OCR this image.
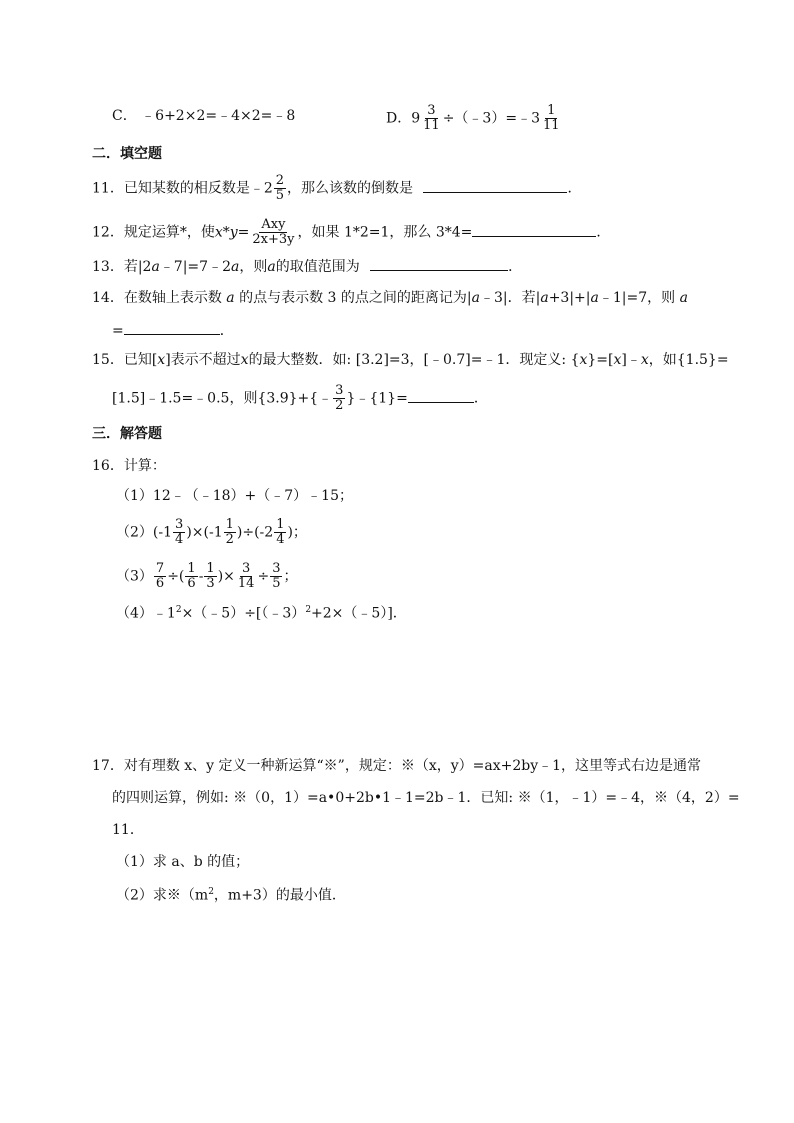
C． ﹣6+2×2=﹣4×2=﹣8	D．$9 \frac{3}{11}$ ÷（﹣3）=﹣3 $\frac{1}{11}$
二．填空题
11．已知某数的相反数是﹣2 $\frac{2}{5}$ ，那么该数的倒数是	．
12．规定运算*，使$x*y= \frac{\text{Axy}}{2x+3y}$ ，如果 1*2=1，那么 3*4=	．
13．若|2a﹣7|=7﹣2a，则a的取值范围为	．
14．在数轴上表示数 a 的点与表示数 3 的点之间的距离记为|a﹣3|．若|a+3|+|a﹣1|=7，则 a
=	．
15．已知[x]表示不超过x的最大整数．如: [3.2]=3，[﹣0.7]=﹣1．现定义: {x}=[x]﹣x，如{1.5}=
[1.5]﹣1.5=﹣0.5，则{3.9}+{﹣ $\frac{3}{2}$ }﹣{1}=	．
三．解答题
16．计算：
（1）12﹣（﹣18）+（﹣7）﹣15；
$(2)(-1 \frac{3}{4} )\times(-1 \frac{1}{2} )\div(-2 \frac{1}{4}$ )；
$(3) \frac{7}{6}$ ÷( $\frac{1}{6} - \frac{1}{3}$ )× $\frac{3}{14} \div \frac{3}{5}$ ；
$(4)﹣1^2\times(﹣5)\div[(﹣3)^2+2\times(﹣5)]$．
17．对有理数 x、y 定义一种新运算“※”，规定：※（x，y）=ax+2by﹣1，这里等式右边是通常
的四则运算，例如: ※（0，1）=a•0+2b•1﹣1=2b﹣1．已知: ※（1，﹣1）=﹣4，※（4，2）=
11．
（1）求 a、b 的值；
（2）求$※(m^2$，m+3）的最小值．
